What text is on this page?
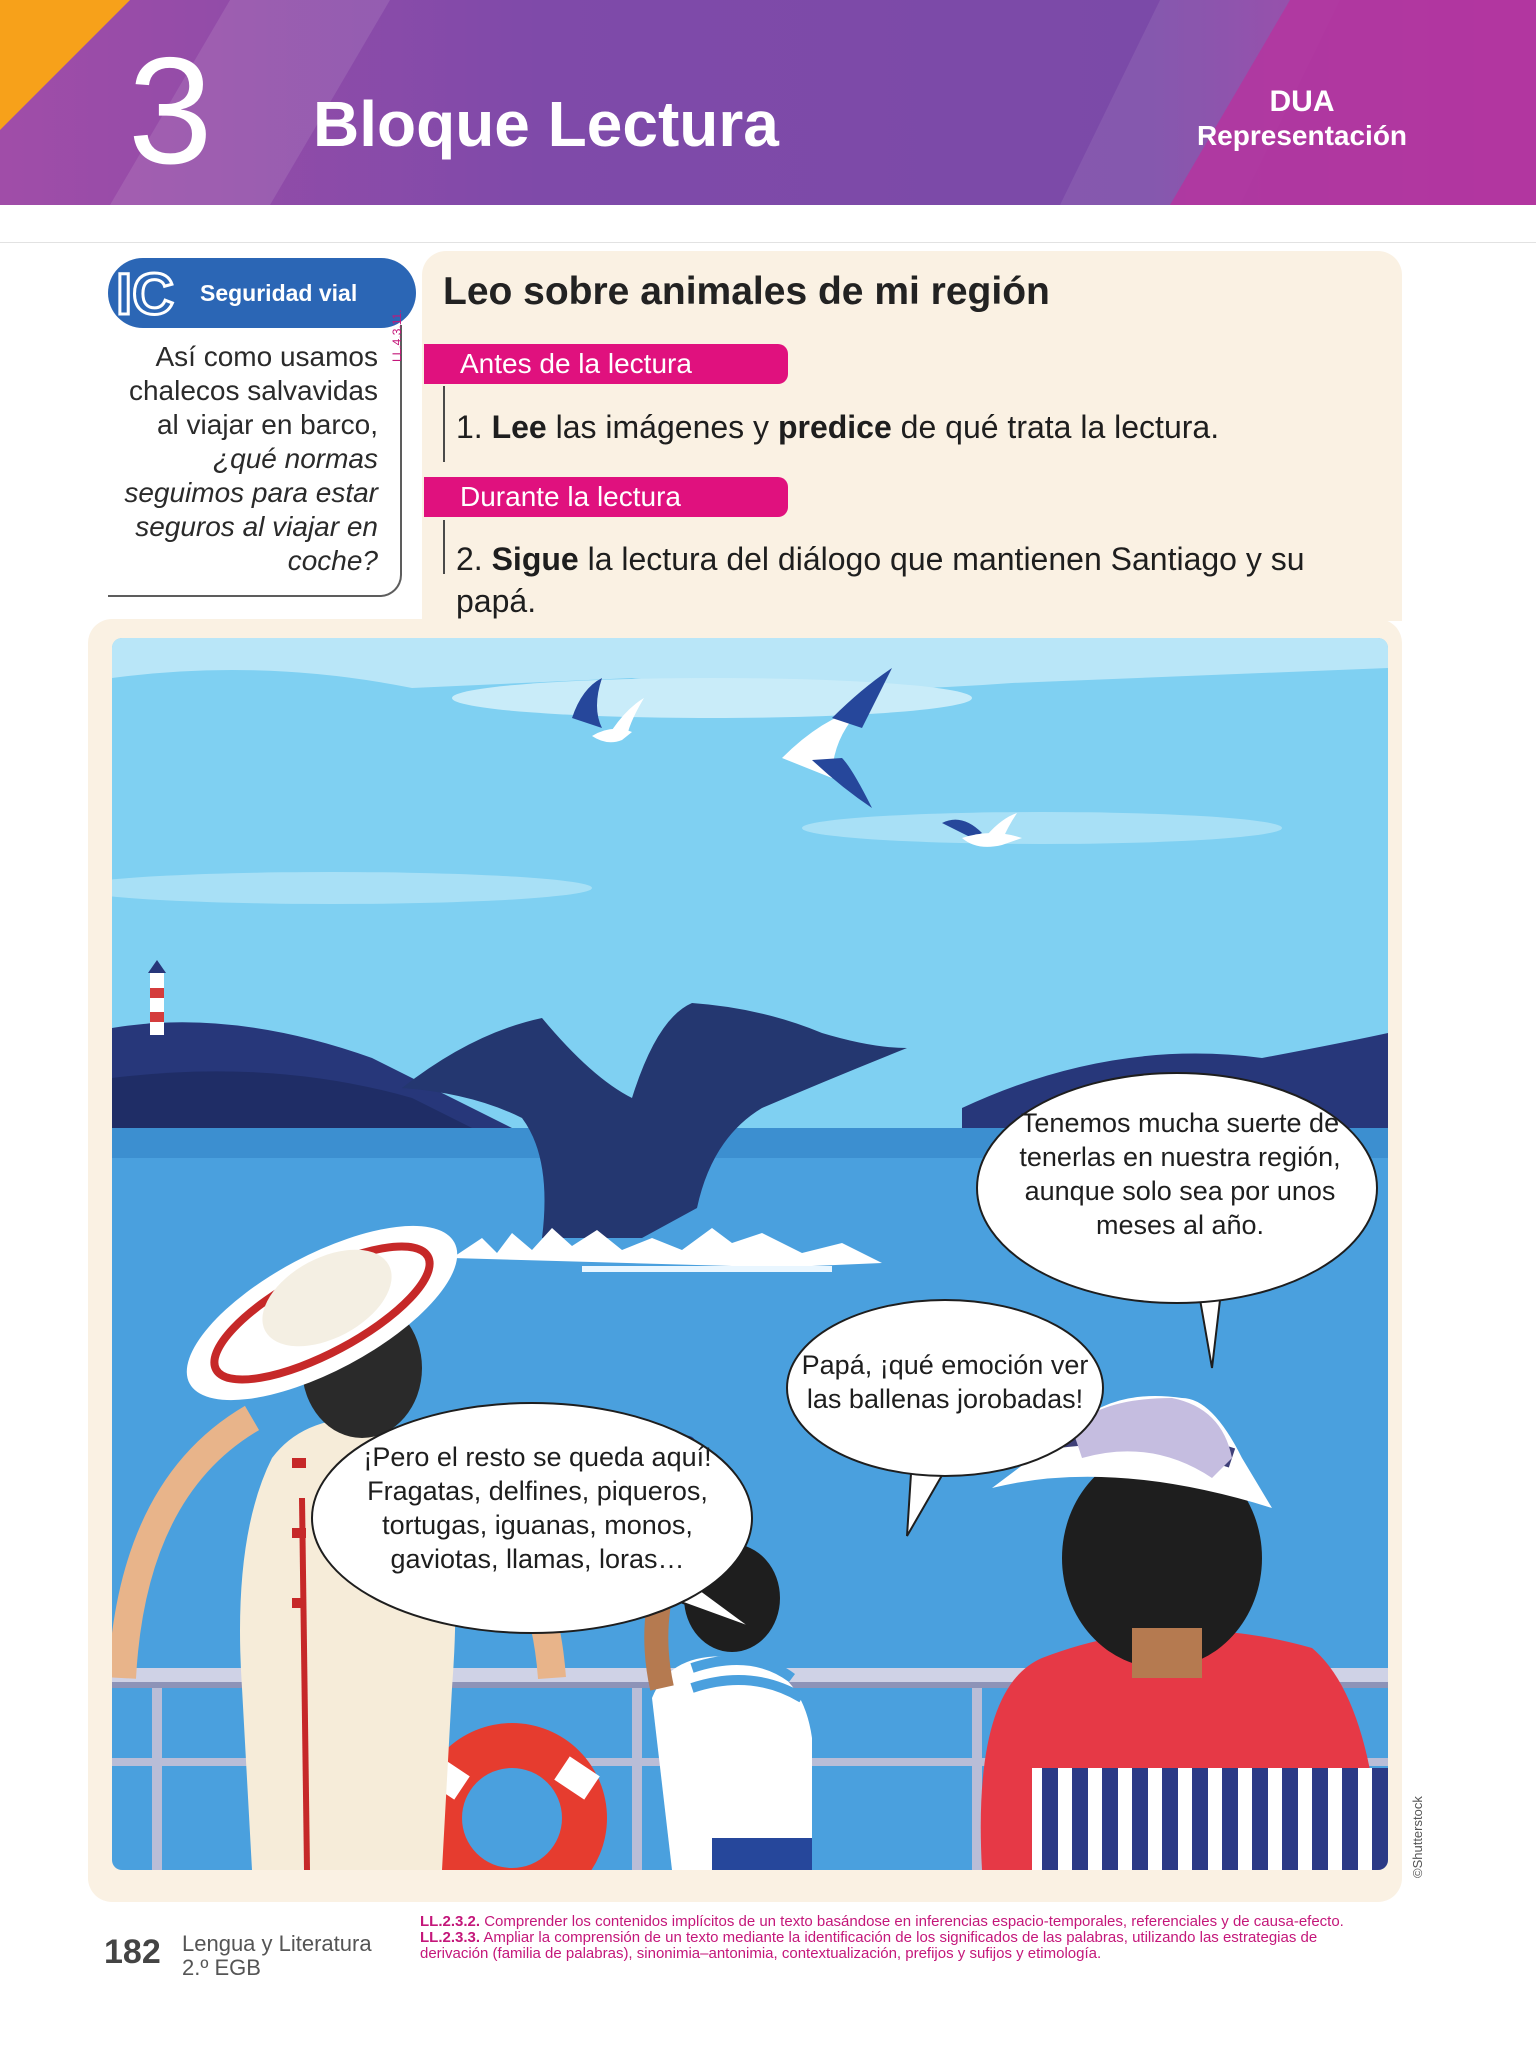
3 Bloque Lectura	DUA
Representación
IC Seguridad vial
Así como usamos chalecos salvavidas al viajar en barco, ¿qué normas seguimos para estar seguros al viajar en coche?
LL.4.3.11.
Leo sobre animales de mi región
Antes de la lectura
1. Lee las imágenes y predice de qué trata la lectura.
Durante la lectura
2. Sigue la lectura del diálogo que mantienen Santiago y su papá.
Tenemos mucha suerte de tenerlas en nuestra región, aunque solo sea por unos meses al año.
Papá, ¡qué emoción ver las ballenas jorobadas!
¡Pero el resto se queda aquí! Fragatas, delfines, piqueros, tortugas, iguanas, monos, gaviotas, llamas, loras…
©Shutterstock
182 Lengua y Literatura
2.º EGB
LL.2.3.2. Comprender los contenidos implícitos de un texto basándose en inferencias espacio-temporales, referenciales y de causa-efecto.
LL.2.3.3. Ampliar la comprensión de un texto mediante la identificación de los significados de las palabras, utilizando las estrategias de derivación (familia de palabras), sinonimia–antonimia, contextualización, prefijos y sufijos y etimología.
